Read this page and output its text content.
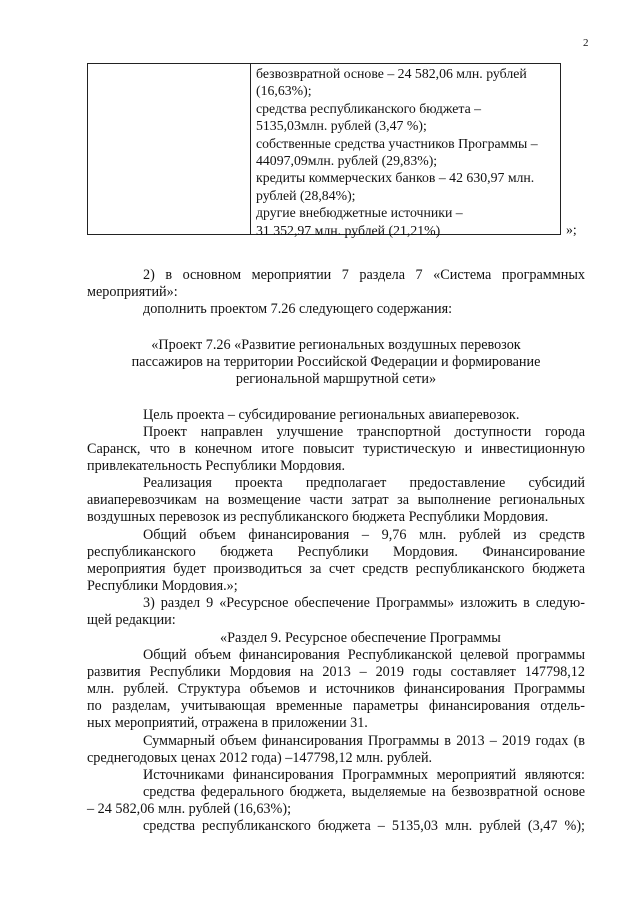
2
безвозвратной основе – 24 582,06 млн. рублей
(16,63%);
средства республиканского бюджета –
5135,03млн. рублей (3,47 %);
собственные средства участников Программы –
44097,09млн. рублей (29,83%);
кредиты коммерческих банков – 42 630,97 млн.
рублей (28,84%);
другие внебюджетные источники –
31 352,97 млн. рублей (21,21%)	»;
2) в основном мероприятии 7 раздела 7 «Система программных
мероприятий»:
дополнить проектом 7.26 следующего содержания:
«Проект 7.26 «Развитие региональных воздушных перевозок
пассажиров на территории Российской Федерации и формирование
региональной маршрутной сети»
Цель проекта – субсидирование региональных авиаперевозок.
Проект направлен улучшение транспортной доступности города
Саранск, что в конечном итоге повысит туристическую и инвестиционную
привлекательность Республики Мордовия.
Реализация проекта предполагает предоставление субсидий
авиаперевозчикам на возмещение части затрат за выполнение региональных
воздушных перевозок из республиканского бюджета Республики Мордовия.
Общий объем финансирования – 9,76 млн. рублей из средств
республиканского бюджета Республики Мордовия. Финансирование
мероприятия будет производиться за счет средств республиканского бюджета
Республики Мордовия.»;
3) раздел 9 «Ресурсное обеспечение Программы» изложить в следую-
щей редакции:
«Раздел 9. Ресурсное обеспечение Программы
Общий объем финансирования Республиканской целевой программы
развития Республики Мордовия на 2013 – 2019 годы составляет 147798,12
млн. рублей. Структура объемов и источников финансирования Программы
по разделам, учитывающая временные параметры финансирования отдель-
ных мероприятий, отражена в приложении 31.
Суммарный объем финансирования Программы в 2013 – 2019 годах (в
среднегодовых ценах 2012 года) –147798,12 млн. рублей.
Источниками финансирования Программных мероприятий являются:
средства федерального бюджета, выделяемые на безвозвратной основе
– 24 582,06 млн. рублей (16,63%);
средства республиканского бюджета – 5135,03 млн. рублей (3,47 %);
